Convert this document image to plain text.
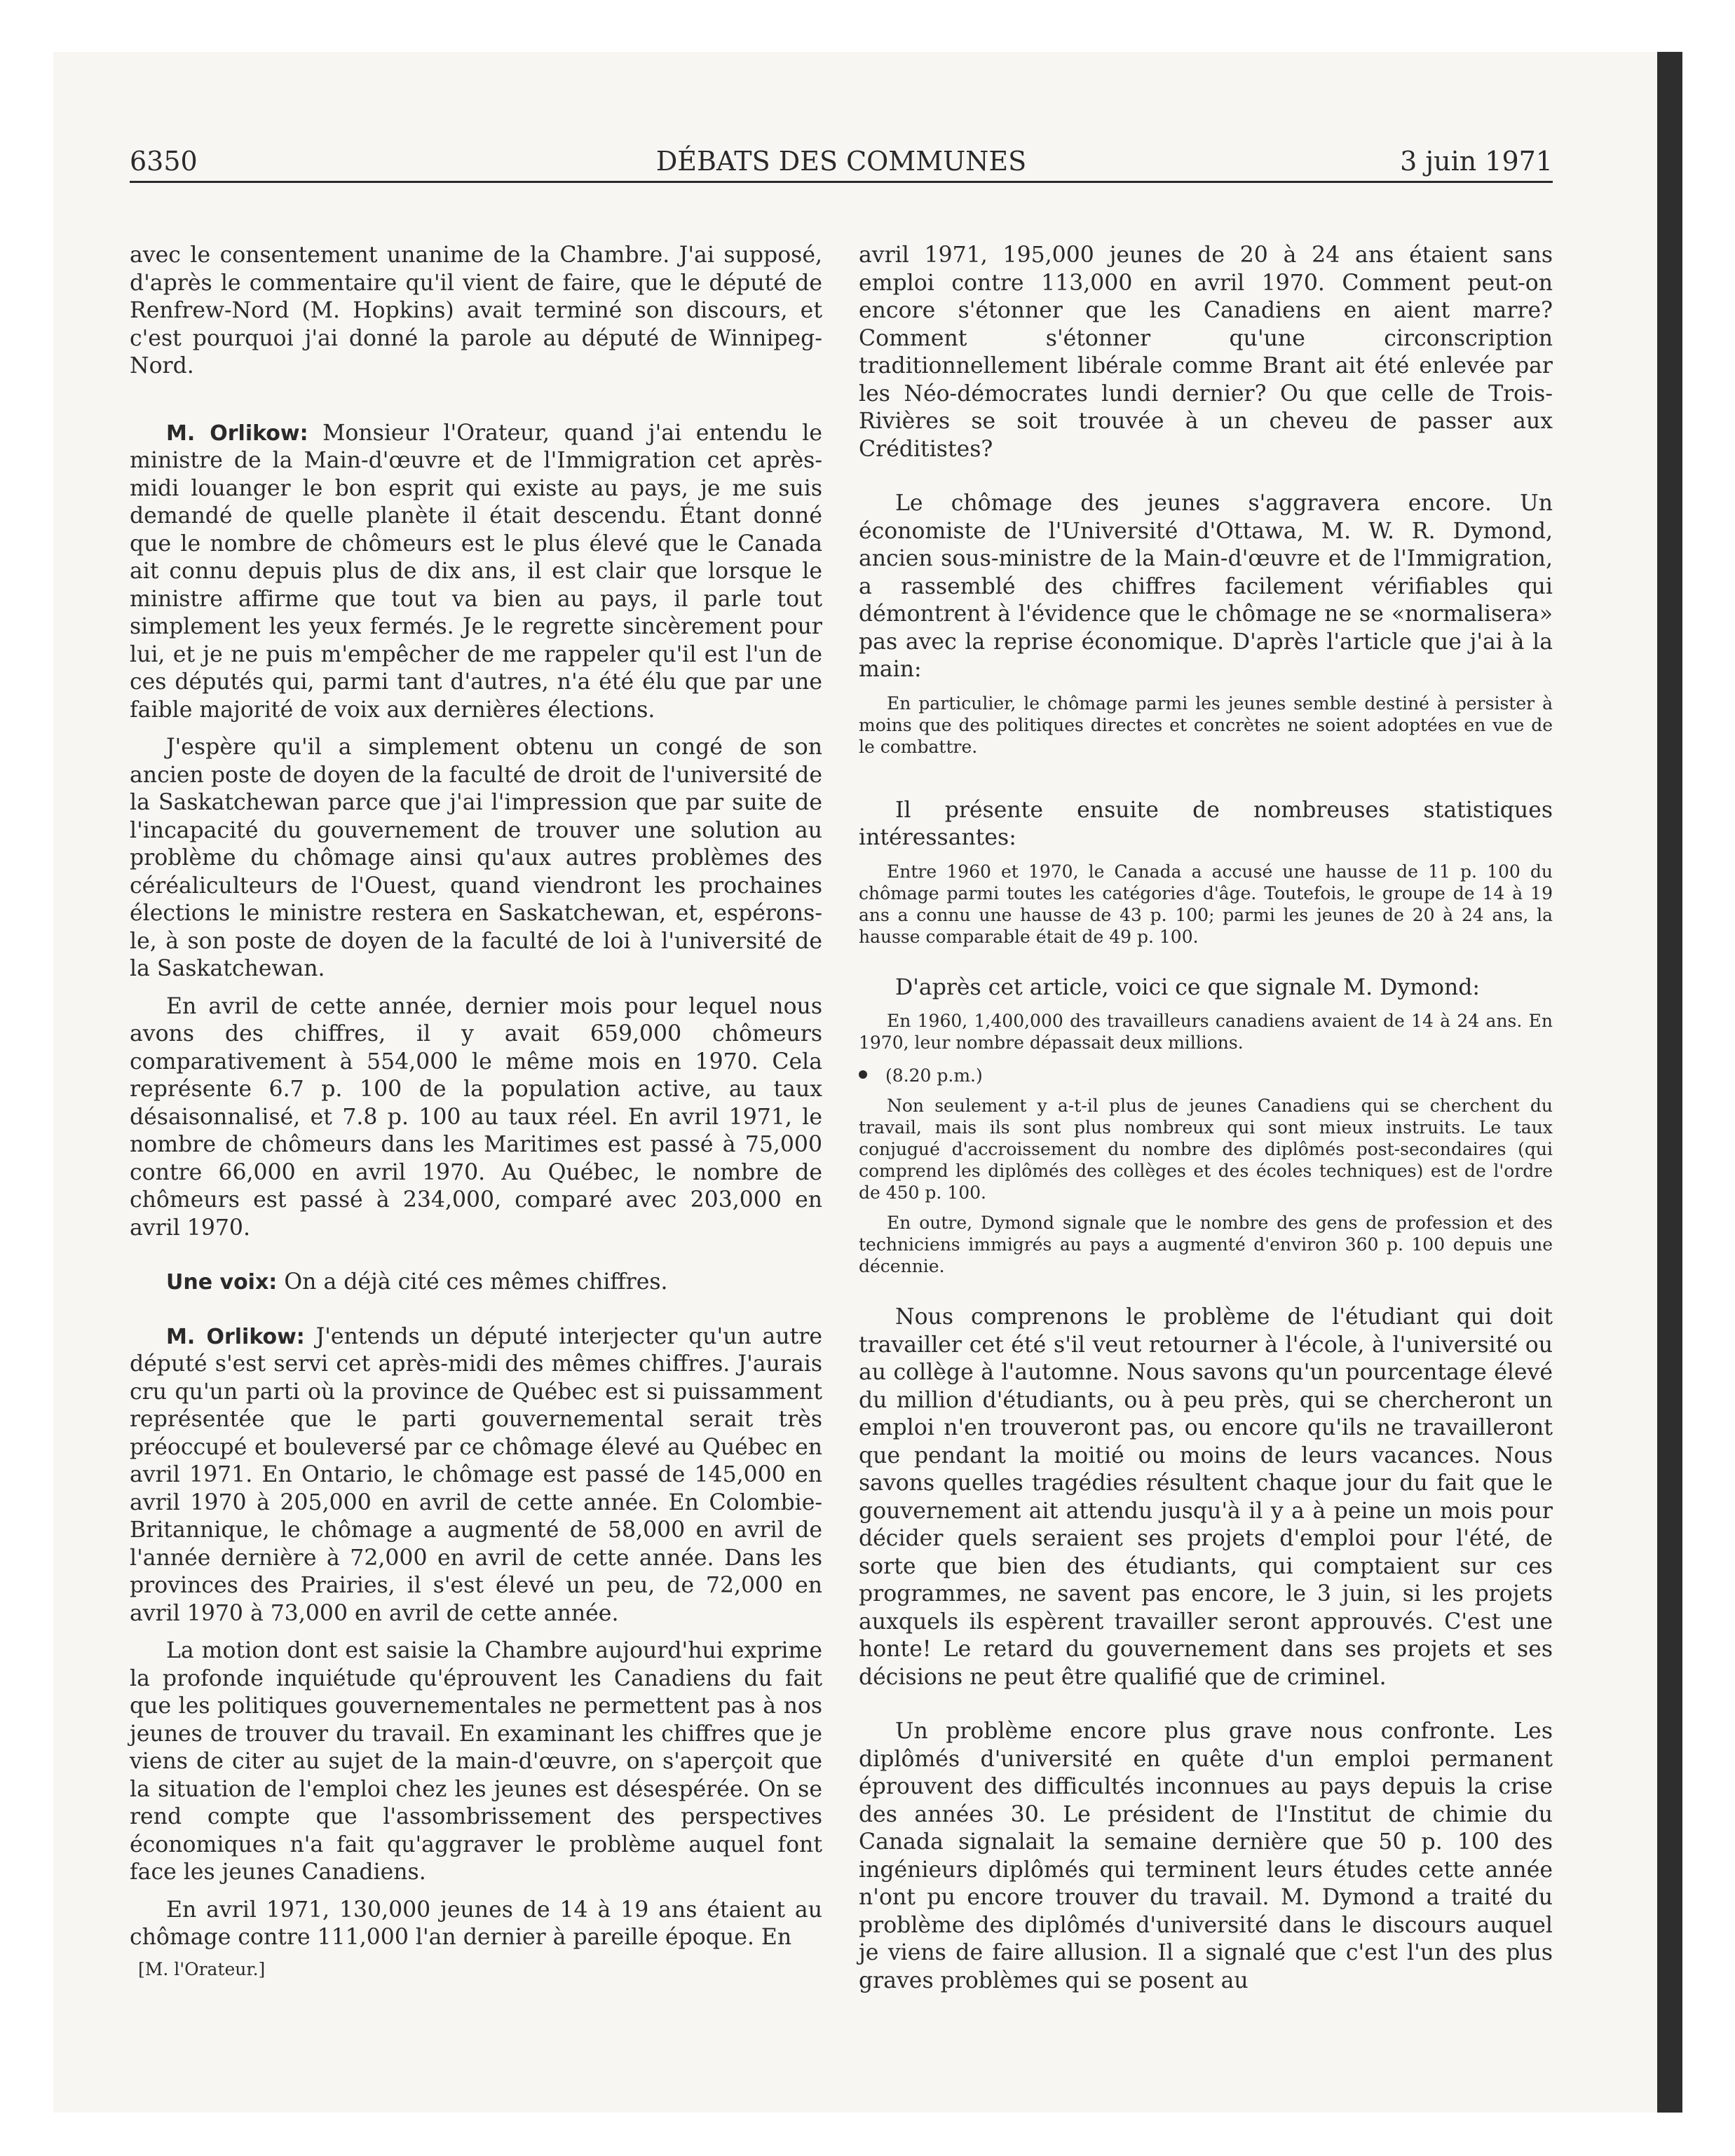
6350	DÉBATS DES COMMUNES	3 juin 1971

avec le consentement unanime de la Chambre. J'ai supposé, d'après le commentaire qu'il vient de faire, que le député de Renfrew-Nord (M. Hopkins) avait terminé son discours, et c'est pourquoi j'ai donné la parole au député de Winnipeg-Nord.

M. Orlikow: Monsieur l'Orateur, quand j'ai entendu le ministre de la Main-d'œuvre et de l'Immigration cet après-midi louanger le bon esprit qui existe au pays, je me suis demandé de quelle planète il était descendu. Étant donné que le nombre de chômeurs est le plus élevé que le Canada ait connu depuis plus de dix ans, il est clair que lorsque le ministre affirme que tout va bien au pays, il parle tout simplement les yeux fermés. Je le regrette sincèrement pour lui, et je ne puis m'empêcher de me rappeler qu'il est l'un de ces députés qui, parmi tant d'autres, n'a été élu que par une faible majorité de voix aux dernières élections.

J'espère qu'il a simplement obtenu un congé de son ancien poste de doyen de la faculté de droit de l'université de la Saskatchewan parce que j'ai l'impression que par suite de l'incapacité du gouvernement de trouver une solution au problème du chômage ainsi qu'aux autres problèmes des céréaliculteurs de l'Ouest, quand viendront les prochaines élections le ministre restera en Saskatchewan, et, espérons-le, à son poste de doyen de la faculté de loi à l'université de la Saskatchewan.

En avril de cette année, dernier mois pour lequel nous avons des chiffres, il y avait 659,000 chômeurs comparativement à 554,000 le même mois en 1970. Cela représente 6.7 p. 100 de la population active, au taux désaisonnalisé, et 7.8 p. 100 au taux réel. En avril 1971, le nombre de chômeurs dans les Maritimes est passé à 75,000 contre 66,000 en avril 1970. Au Québec, le nombre de chômeurs est passé à 234,000, comparé avec 203,000 en avril 1970.

Une voix: On a déjà cité ces mêmes chiffres.

M. Orlikow: J'entends un député interjecter qu'un autre député s'est servi cet après-midi des mêmes chiffres. J'aurais cru qu'un parti où la province de Québec est si puissamment représentée que le parti gouvernemental serait très préoccupé et bouleversé par ce chômage élevé au Québec en avril 1971. En Ontario, le chômage est passé de 145,000 en avril 1970 à 205,000 en avril de cette année. En Colombie-Britannique, le chômage a augmenté de 58,000 en avril de l'année dernière à 72,000 en avril de cette année. Dans les provinces des Prairies, il s'est élevé un peu, de 72,000 en avril 1970 à 73,000 en avril de cette année.

La motion dont est saisie la Chambre aujourd'hui exprime la profonde inquiétude qu'éprouvent les Canadiens du fait que les politiques gouvernementales ne permettent pas à nos jeunes de trouver du travail. En examinant les chiffres que je viens de citer au sujet de la main-d'œuvre, on s'aperçoit que la situation de l'emploi chez les jeunes est désespérée. On se rend compte que l'assombrissement des perspectives économiques n'a fait qu'aggraver le problème auquel font face les jeunes Canadiens.

En avril 1971, 130,000 jeunes de 14 à 19 ans étaient au chômage contre 111,000 l'an dernier à pareille époque. En

[M. l'Orateur.]

avril 1971, 195,000 jeunes de 20 à 24 ans étaient sans emploi contre 113,000 en avril 1970. Comment peut-on encore s'étonner que les Canadiens en aient marre? Comment s'étonner qu'une circonscription traditionnellement libérale comme Brant ait été enlevée par les Néo-démocrates lundi dernier? Ou que celle de Trois-Rivières se soit trouvée à un cheveu de passer aux Créditistes?

Le chômage des jeunes s'aggravera encore. Un économiste de l'Université d'Ottawa, M. W. R. Dymond, ancien sous-ministre de la Main-d'œuvre et de l'Immigration, a rassemblé des chiffres facilement vérifiables qui démontrent à l'évidence que le chômage ne se «normalisera» pas avec la reprise économique. D'après l'article que j'ai à la main:

En particulier, le chômage parmi les jeunes semble destiné à persister à moins que des politiques directes et concrètes ne soient adoptées en vue de le combattre.

Il présente ensuite de nombreuses statistiques intéressantes:

Entre 1960 et 1970, le Canada a accusé une hausse de 11 p. 100 du chômage parmi toutes les catégories d'âge. Toutefois, le groupe de 14 à 19 ans a connu une hausse de 43 p. 100; parmi les jeunes de 20 à 24 ans, la hausse comparable était de 49 p. 100.

D'après cet article, voici ce que signale M. Dymond:

En 1960, 1,400,000 des travailleurs canadiens avaient de 14 à 24 ans. En 1970, leur nombre dépassait deux millions.

(8.20 p.m.)

Non seulement y a-t-il plus de jeunes Canadiens qui se cherchent du travail, mais ils sont plus nombreux qui sont mieux instruits. Le taux conjugué d'accroissement du nombre des diplômés post-secondaires (qui comprend les diplômés des collèges et des écoles techniques) est de l'ordre de 450 p. 100.

En outre, Dymond signale que le nombre des gens de profession et des techniciens immigrés au pays a augmenté d'environ 360 p. 100 depuis une décennie.

Nous comprenons le problème de l'étudiant qui doit travailler cet été s'il veut retourner à l'école, à l'université ou au collège à l'automne. Nous savons qu'un pourcentage élevé du million d'étudiants, ou à peu près, qui se chercheront un emploi n'en trouveront pas, ou encore qu'ils ne travailleront que pendant la moitié ou moins de leurs vacances. Nous savons quelles tragédies résultent chaque jour du fait que le gouvernement ait attendu jusqu'à il y a à peine un mois pour décider quels seraient ses projets d'emploi pour l'été, de sorte que bien des étudiants, qui comptaient sur ces programmes, ne savent pas encore, le 3 juin, si les projets auxquels ils espèrent travailler seront approuvés. C'est une honte! Le retard du gouvernement dans ses projets et ses décisions ne peut être qualifié que de criminel.

Un problème encore plus grave nous confronte. Les diplômés d'université en quête d'un emploi permanent éprouvent des difficultés inconnues au pays depuis la crise des années 30. Le président de l'Institut de chimie du Canada signalait la semaine dernière que 50 p. 100 des ingénieurs diplômés qui terminent leurs études cette année n'ont pu encore trouver du travail. M. Dymond a traité du problème des diplômés d'université dans le discours auquel je viens de faire allusion. Il a signalé que c'est l'un des plus graves problèmes qui se posent au
